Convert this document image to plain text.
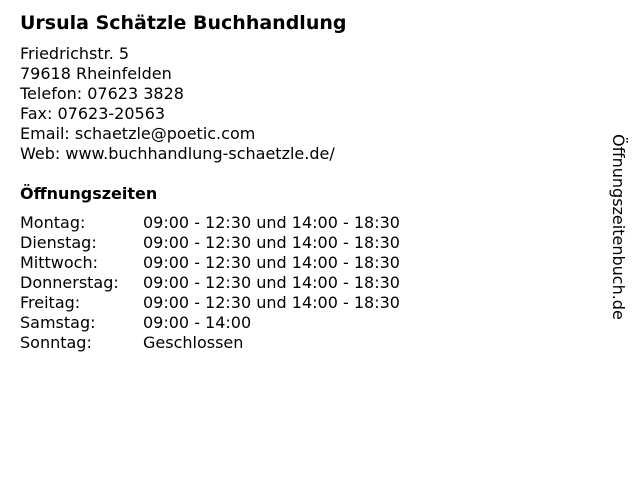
Ursula Schätzle Buchhandlung
Friedrichstr. 5
79618 Rheinfelden
Telefon: 07623 3828
Fax: 07623-20563
Email: schaetzle@poetic.com
Web: www.buchhandlung-schaetzle.de/
Öffnungszeiten
Montag:	09:00 - 12:30 und 14:00 - 18:30
Dienstag:	09:00 - 12:30 und 14:00 - 18:30
Mittwoch:	09:00 - 12:30 und 14:00 - 18:30
Donnerstag: 09:00 - 12:30 und 14:00 - 18:30
Freitag:	09:00 - 12:30 und 14:00 - 18:30
Samstag:	09:00 - 14:00
Sonntag:	Geschlossen
Öffnungszeitenbuch.de
